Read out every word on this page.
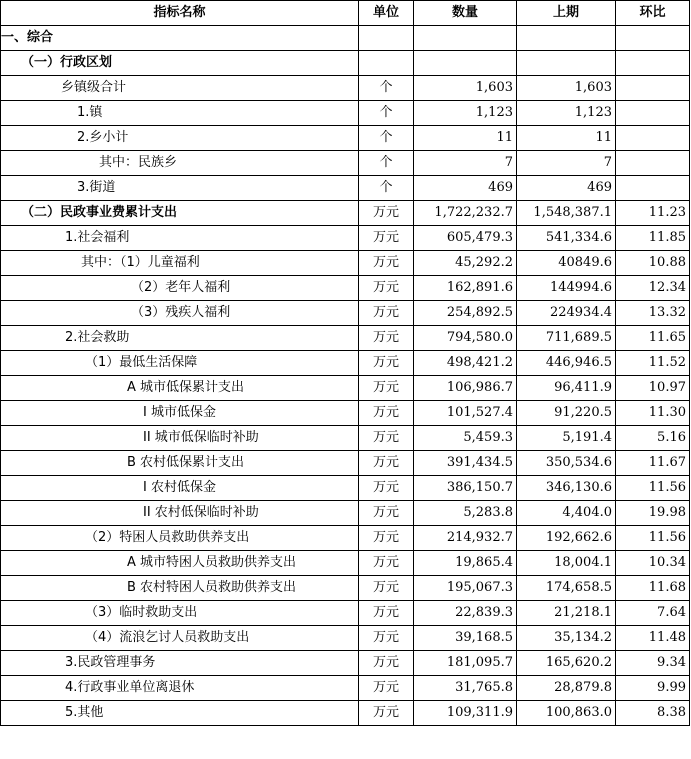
指标名称	单位	数量	上期	环比
一、综合				
（一）行政区划				
乡镇级合计	个	1,603	1,603	
1.镇	个	1,123	1,123	
2.乡小计	个	11	11	
其中：民族乡	个	7	7	
3.街道	个	469	469	
（二）民政事业费累计支出	万元	1,722,232.7	1,548,387.1	11.23
1.社会福利	万元	605,479.3	541,334.6	11.85
其中：（1）儿童福利	万元	45,292.2	40849.6	10.88
（2）老年人福利	万元	162,891.6	144994.6	12.34
（3）残疾人福利	万元	254,892.5	224934.4	13.32
2.社会救助	万元	794,580.0	711,689.5	11.65
（1）最低生活保障	万元	498,421.2	446,946.5	11.52
A 城市低保累计支出	万元	106,986.7	96,411.9	10.97
I 城市低保金	万元	101,527.4	91,220.5	11.30
II 城市低保临时补助	万元	5,459.3	5,191.4	5.16
B 农村低保累计支出	万元	391,434.5	350,534.6	11.67
I 农村低保金	万元	386,150.7	346,130.6	11.56
II 农村低保临时补助	万元	5,283.8	4,404.0	19.98
（2）特困人员救助供养支出	万元	214,932.7	192,662.6	11.56
A 城市特困人员救助供养支出	万元	19,865.4	18,004.1	10.34
B 农村特困人员救助供养支出	万元	195,067.3	174,658.5	11.68
（3）临时救助支出	万元	22,839.3	21,218.1	7.64
（4）流浪乞讨人员救助支出	万元	39,168.5	35,134.2	11.48
3.民政管理事务	万元	181,095.7	165,620.2	9.34
4.行政事业单位离退休	万元	31,765.8	28,879.8	9.99
5.其他	万元	109,311.9	100,863.0	8.38
